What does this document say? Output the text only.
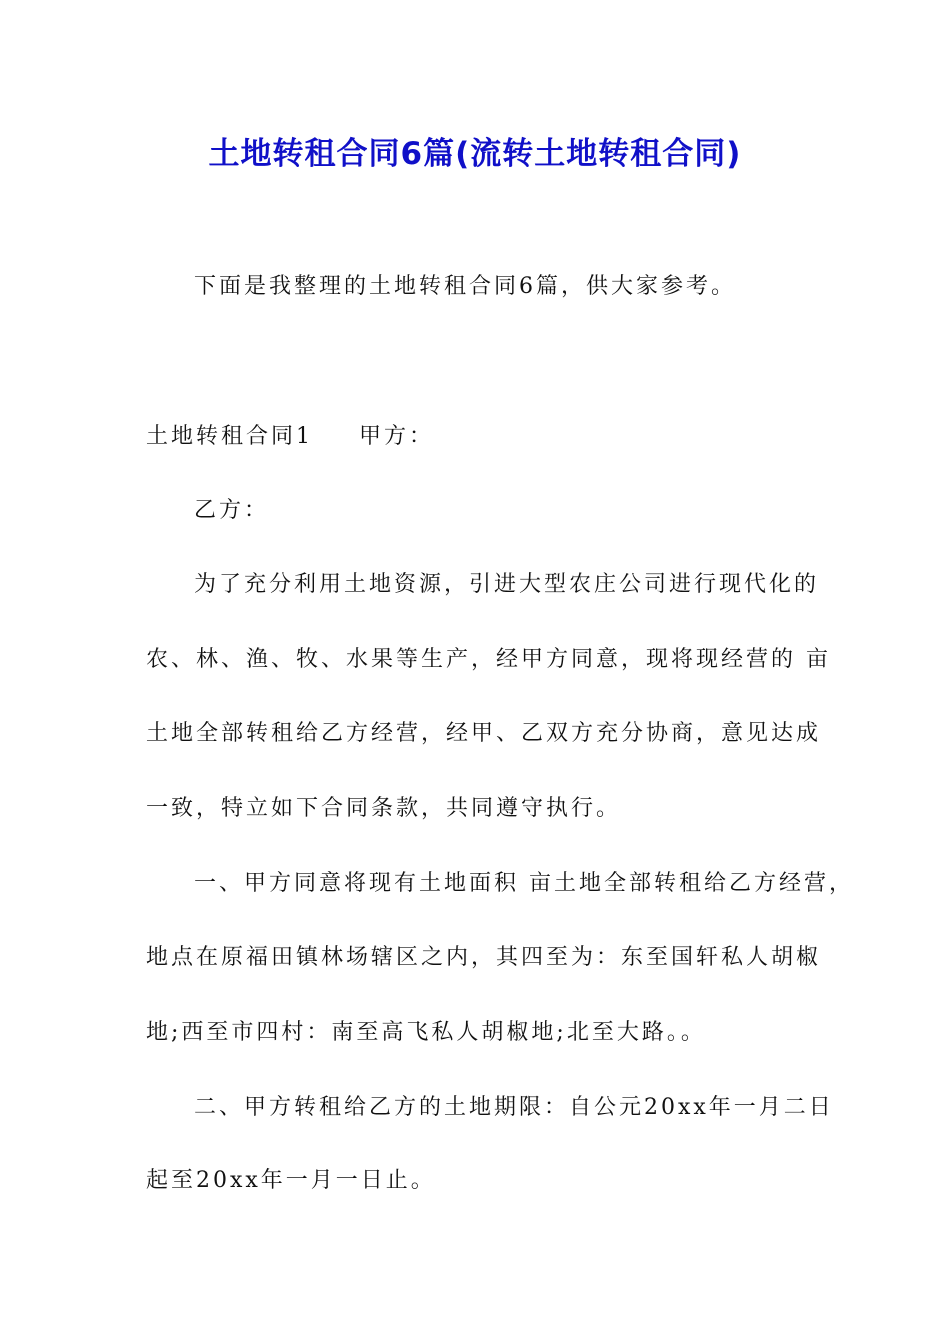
土地转租合同6篇(流转土地转租合同)
下面是我整理的土地转租合同6篇，供大家参考。
土地转租合同1 甲方：
乙方：
为了充分利用土地资源，引进大型农庄公司进行现代化的
农、林、渔、牧、水果等生产，经甲方同意，现将现经营的 亩
土地全部转租给乙方经营，经甲、乙双方充分协商，意见达成
一致，特立如下合同条款，共同遵守执行。
一、甲方同意将现有土地面积 亩土地全部转租给乙方经营，
地点在原福田镇林场辖区之内，其四至为：东至国轩私人胡椒
地;西至市四村：南至高飞私人胡椒地;北至大路。。
二、甲方转租给乙方的土地期限：自公元20xx年一月二日
起至20xx年一月一日止。
